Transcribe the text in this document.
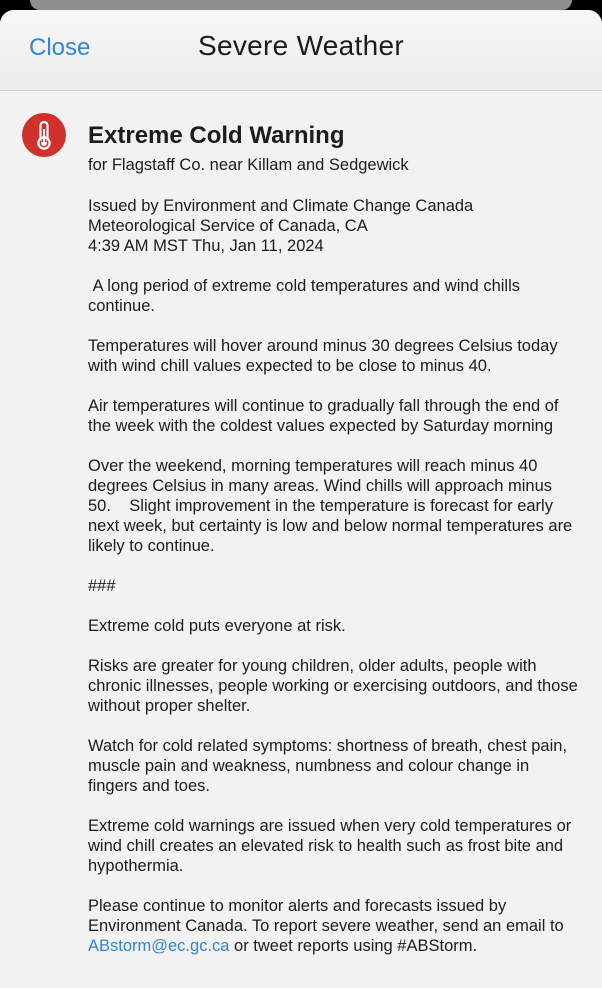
Close	Severe Weather
Extreme Cold Warning

for Flagstaff Co. near Killam and Sedgewick

Issued by Environment and Climate Change Canada
Meteorological Service of Canada, CA
4:39 AM MST Thu, Jan 11, 2024

A long period of extreme cold temperatures and wind chills continue.

Temperatures will hover around minus 30 degrees Celsius today with wind chill values expected to be close to minus 40.

Air temperatures will continue to gradually fall through the end of the week with the coldest values expected by Saturday morning

Over the weekend, morning temperatures will reach minus 40 degrees Celsius in many areas. Wind chills will approach minus 50.    Slight improvement in the temperature is forecast for early next week, but certainty is low and below normal temperatures are likely to continue.

###

Extreme cold puts everyone at risk.

Risks are greater for young children, older adults, people with chronic illnesses, people working or exercising outdoors, and those without proper shelter.

Watch for cold related symptoms: shortness of breath, chest pain, muscle pain and weakness, numbness and colour change in fingers and toes.

Extreme cold warnings are issued when very cold temperatures or wind chill creates an elevated risk to health such as frost bite and hypothermia.

Please continue to monitor alerts and forecasts issued by Environment Canada. To report severe weather, send an email to ABstorm@ec.gc.ca or tweet reports using #ABStorm.
